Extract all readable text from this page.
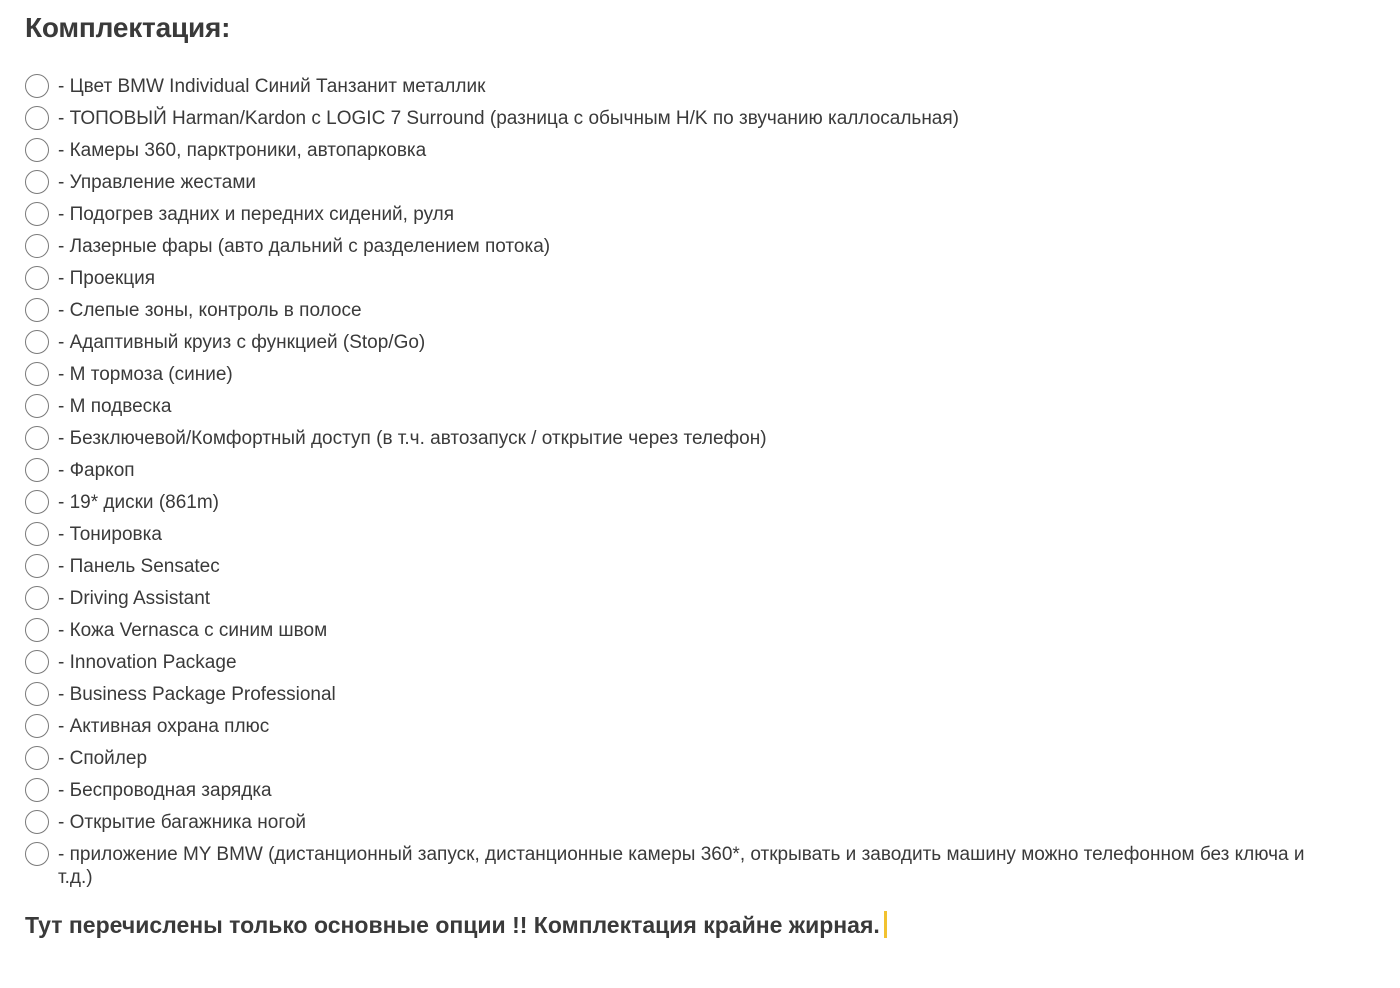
Комплектация:
- Цвет BMW Individual Синий Танзанит металлик
- ТОПОВЫЙ Harman/Kardon с LOGIC 7 Surround (разница с обычным H/K по звучанию каллосальная)
- Камеры 360, парктроники, автопарковка
- Управление жестами
- Подогрев задних и передних сидений, руля
- Лазерные фары (авто дальний с разделением потока)
- Проекция
- Слепые зоны, контроль в полосе
- Адаптивный круиз с функцией (Stop/Go)
- M тормоза (синие)
- M подвеска
- Безключевой/Комфортный доступ (в т.ч. автозапуск / открытие через телефон)
- Фаркоп
- 19* диски (861m)
- Тонировка
- Панель Sensatec
- Driving Assistant
- Кожа Vernasca с синим швом
- Innovation Package
- Business Package Professional
- Активная охрана плюс
- Спойлер
- Беспроводная зарядка
- Открытие багажника ногой
- приложение MY BMW (дистанционный запуск, дистанционные камеры 360*, открывать и заводить машину можно телефонном без ключа и т.д.)

Тут перечислены только основные опции !! Комплектация крайне жирная.
